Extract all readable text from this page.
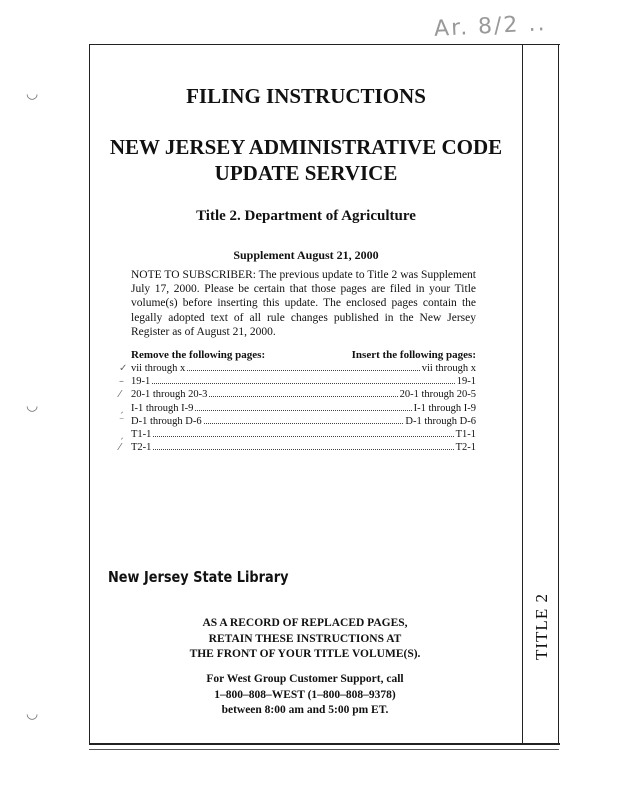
Ar. 8/2 ..
◡
◡
◡
FILING INSTRUCTIONS
NEW JERSEY ADMINISTRATIVE CODE
UPDATE SERVICE
Title 2. Department of Agriculture
Supplement August 21, 2000
NOTE TO SUBSCRIBER: The previous update to Title 2 was Supplement July 17, 2000. Please be certain that those pages are filed in your Title volume(s) before inserting this update. The enclosed pages contain the legally adopted text of all rule changes published in the New Jersey Register as of August 21, 2000.
Remove the following pages:	Insert the following pages:
✓ vii through x	vii through x
– 19-1	19-1
⁄ 20-1 through 20-3	20-1 through 20-5
ˏ I-1 through I-9	I-1 through I-9
⁻ D-1 through D-6	D-1 through D-6
ˏ T1-1	T1-1
⁄ T2-1	T2-1
New Jersey State Library
AS A RECORD OF REPLACED PAGES,
RETAIN THESE INSTRUCTIONS AT
THE FRONT OF YOUR TITLE VOLUME(S).
For West Group Customer Support, call
1–800–808–WEST (1–800–808–9378)
between 8:00 am and 5:00 pm ET.
TITLE 2
